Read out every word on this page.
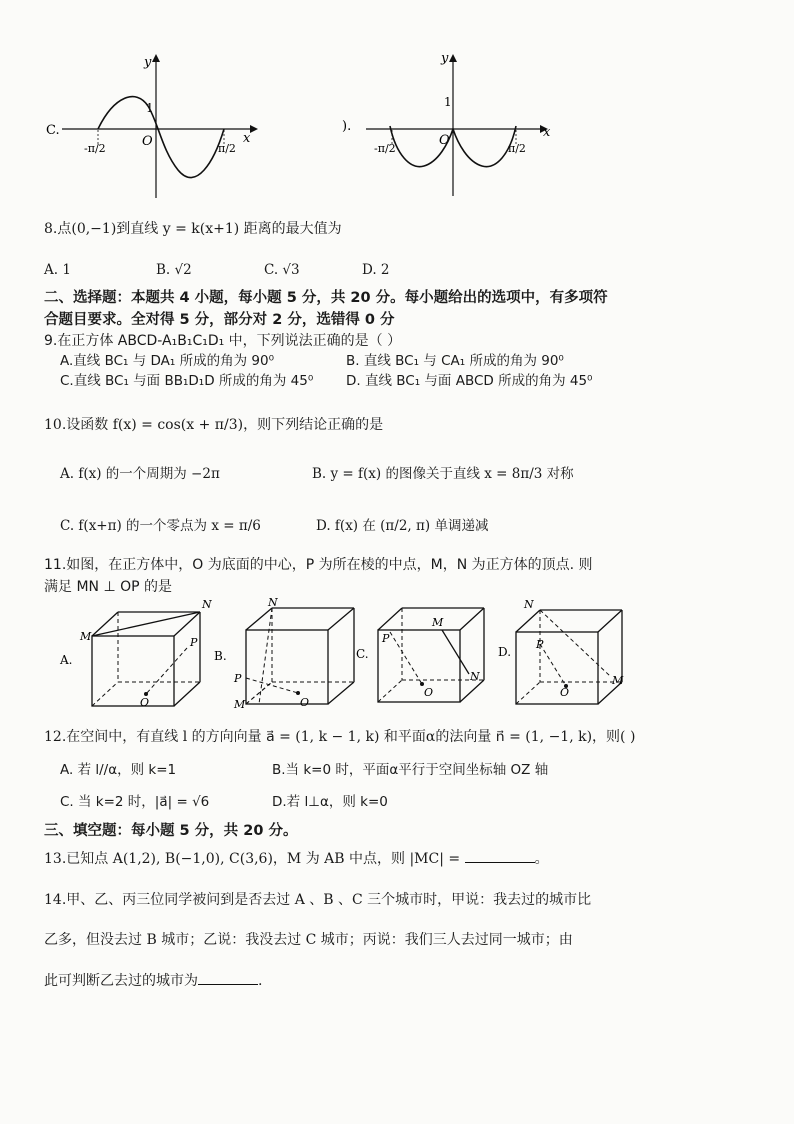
C.
y
x
1
O
-π/2	π/2
).
y
x
1
O
-π/2	π/2
8.点(0,−1)到直线 y = k(x+1) 距离的最大值为
A. 1	B. √2	C. √3	D. 2
二、选择题：本题共 4 小题，每小题 5 分，共 20 分。每小题给出的选项中，有多项符
合题目要求。全对得 5 分，部分对 2 分，选错得 0 分
9.在正方体 ABCD-A₁B₁C₁D₁ 中，下列说法正确的是（ ）
A.直线 BC₁ 与 DA₁ 所成的角为 90⁰	B. 直线 BC₁ 与 CA₁ 所成的角为 90⁰
C.直线 BC₁ 与面 BB₁D₁D 所成的角为 45⁰ D. 直线 BC₁ 与面 ABCD 所成的角为 45⁰
10.设函数 f(x) = cos(x + π/3)，则下列结论正确的是
A. f(x) 的一个周期为 −2π	B. y = f(x) 的图像关于直线 x = 8π/3 对称
C. f(x+π) 的一个零点为 x = π/6	D. f(x) 在 (π/2, π) 单调递减
11.如图，在正方体中，O 为底面的中心，P 为所在棱的中点，M，N 为正方体的顶点. 则
满足 MN ⊥ OP 的是
A.
M
N
P
O
B.
N
P
M	O
C.
M
N
P
O
D.
N
P
M
O
12.在空间中，有直线 l 的方向向量 a⃗ = (1, k − 1, k) 和平面α的法向量 n⃗ = (1, −1, k)，则( )
A. 若 l//α，则 k=1	B.当 k=0 时，平面α平行于空间坐标轴 OZ 轴
C. 当 k=2 时，|a⃗| = √6	D.若 l⊥α，则 k=0
三、填空题：每小题 5 分，共 20 分。
13.已知点 A(1,2), B(−1,0), C(3,6)，M 为 AB 中点，则 |MC| =	。
14.甲、乙、丙三位同学被问到是否去过 A 、B 、C 三个城市时，甲说：我去过的城市比
乙多，但没去过 B 城市；乙说：我没去过 C 城市；丙说：我们三人去过同一城市；由
此可判断乙去过的城市为	.
